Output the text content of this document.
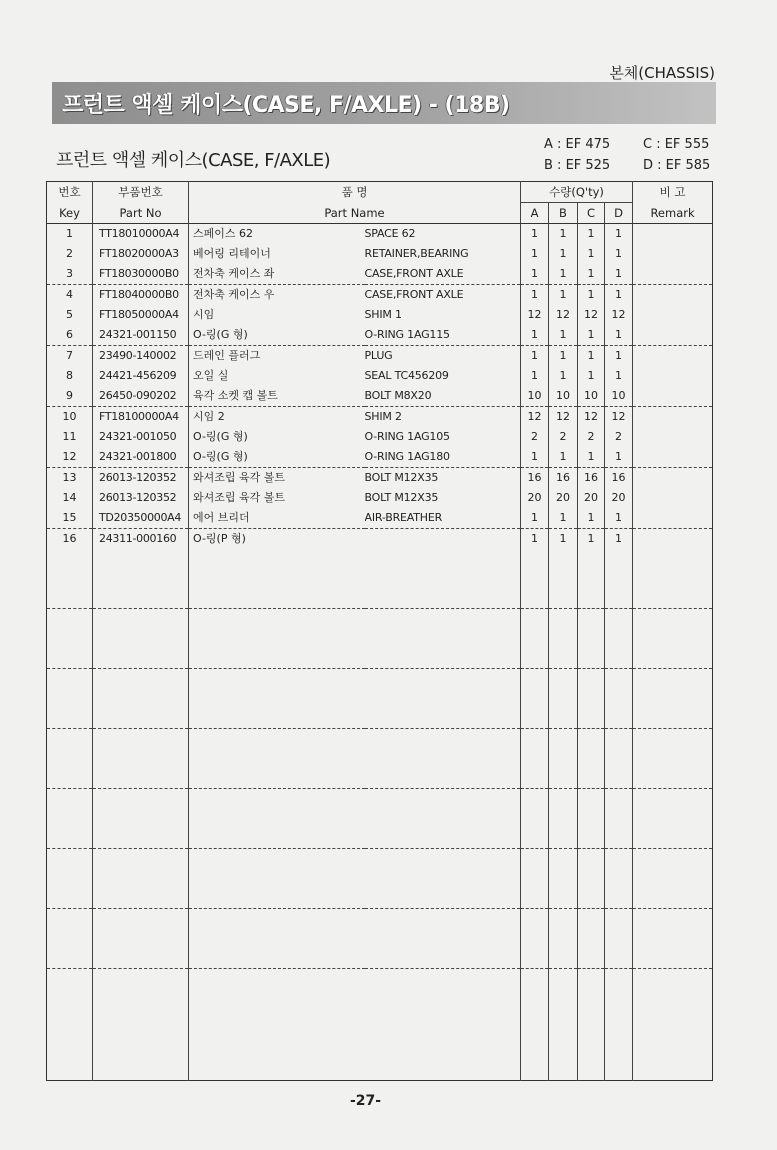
본체(CHASSIS)
프런트 액셀 케이스(CASE, F/AXLE) - (18B)
프런트 액셀 케이스(CASE, F/AXLE)
A : EF 475
B : EF 525
C : EF 555
D : EF 585
번호	부품번호	품 명		수량(Q'ty)				비 고
Key	Part No	Part Name		A	B	C	D	Remark
1	TT18010000A4	스페이스 62	SPACE 62	1	1	1	1	
2	FT18020000A3	베어링 리테이너	RETAINER,BEARING	1	1	1	1	
3	FT18030000B0	전차축 케이스 좌	CASE,FRONT AXLE	1	1	1	1	
4	FT18040000B0	전차축 케이스 우	CASE,FRONT AXLE	1	1	1	1	
5	FT18050000A4	시임	SHIM 1	12	12	12	12	
6	24321-001150	O-링(G 형)	O-RING 1AG115	1	1	1	1	
7	23490-140002	드레인 플러그	PLUG	1	1	1	1	
8	24421-456209	오일 실	SEAL TC456209	1	1	1	1	
9	26450-090202	육각 소켓 캡 볼트	BOLT M8X20	10	10	10	10	
10	FT18100000A4	시임 2	SHIM 2	12	12	12	12	
11	24321-001050	O-링(G 형)	O-RING 1AG105	2	2	2	2	
12	24321-001800	O-링(G 형)	O-RING 1AG180	1	1	1	1	
13	26013-120352	와셔조립 육각 볼트	BOLT M12X35	16	16	16	16	
14	26013-120352	와셔조립 육각 볼트	BOLT M12X35	20	20	20	20	
15	TD20350000A4	에어 브리더	AIR-BREATHER	1	1	1	1	
16	24311-000160	O-링(P 형)		1	1	1	1	

-27-
